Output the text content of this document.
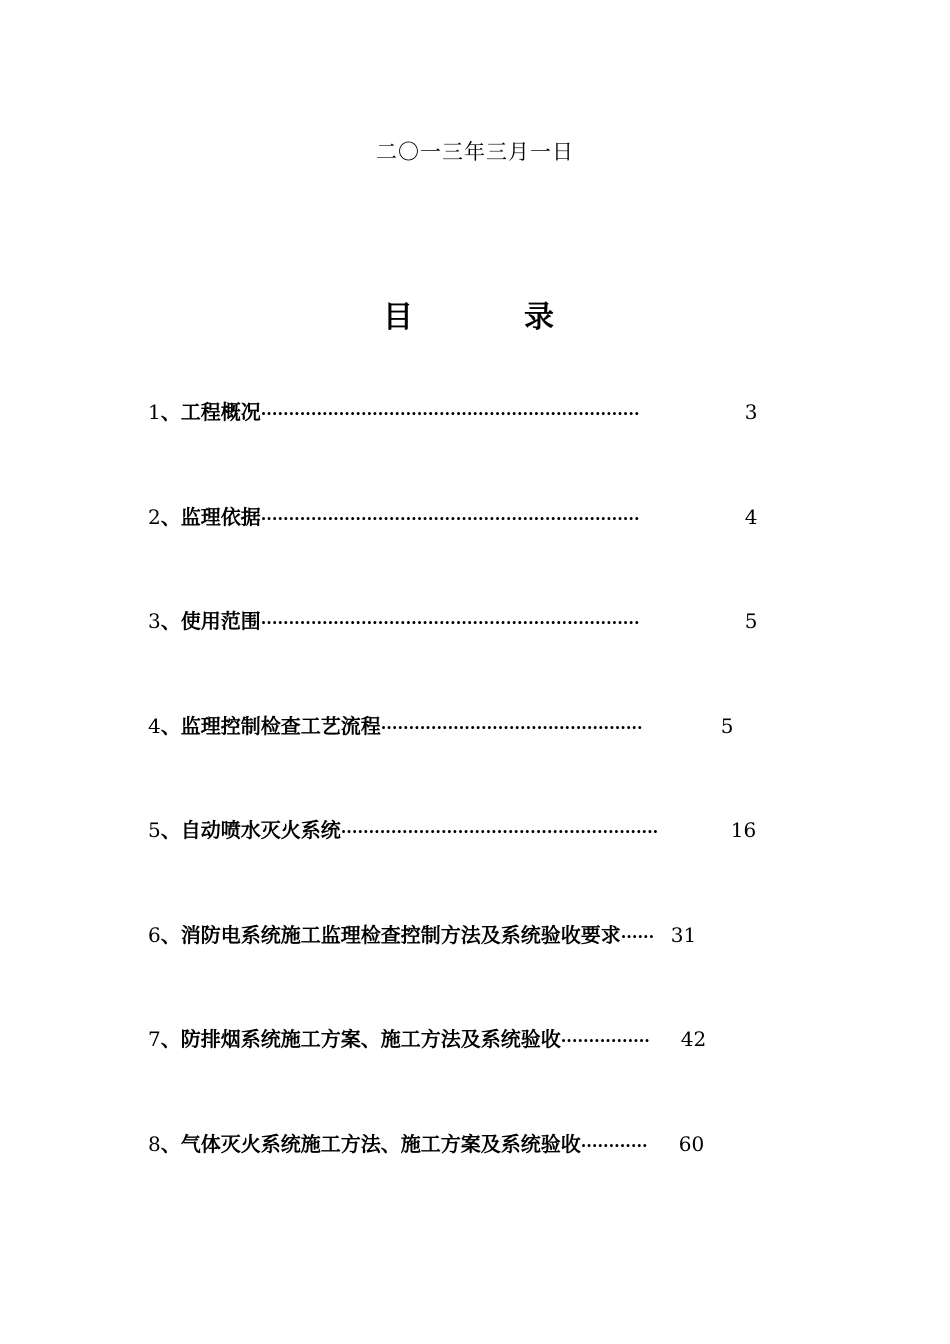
二〇一三年三月一日
目	录
1 、 工程概况 ····································································	3
2 、 监理依据 ····································································	4
3 、 使用范围 ····································································	5
4 、 监理控制检查工艺流程 ···············································	5
5 、 自动喷水灭火系统 ·························································	16
6 、 消防电系统施工监理检查控制方法及系统验收要求 ······ 31
7 、 防排烟系统施工方案、施工方法及系统验收 ················	42
8 、 气体灭火系统施工方法、施工方案及系统验收 ············	60
